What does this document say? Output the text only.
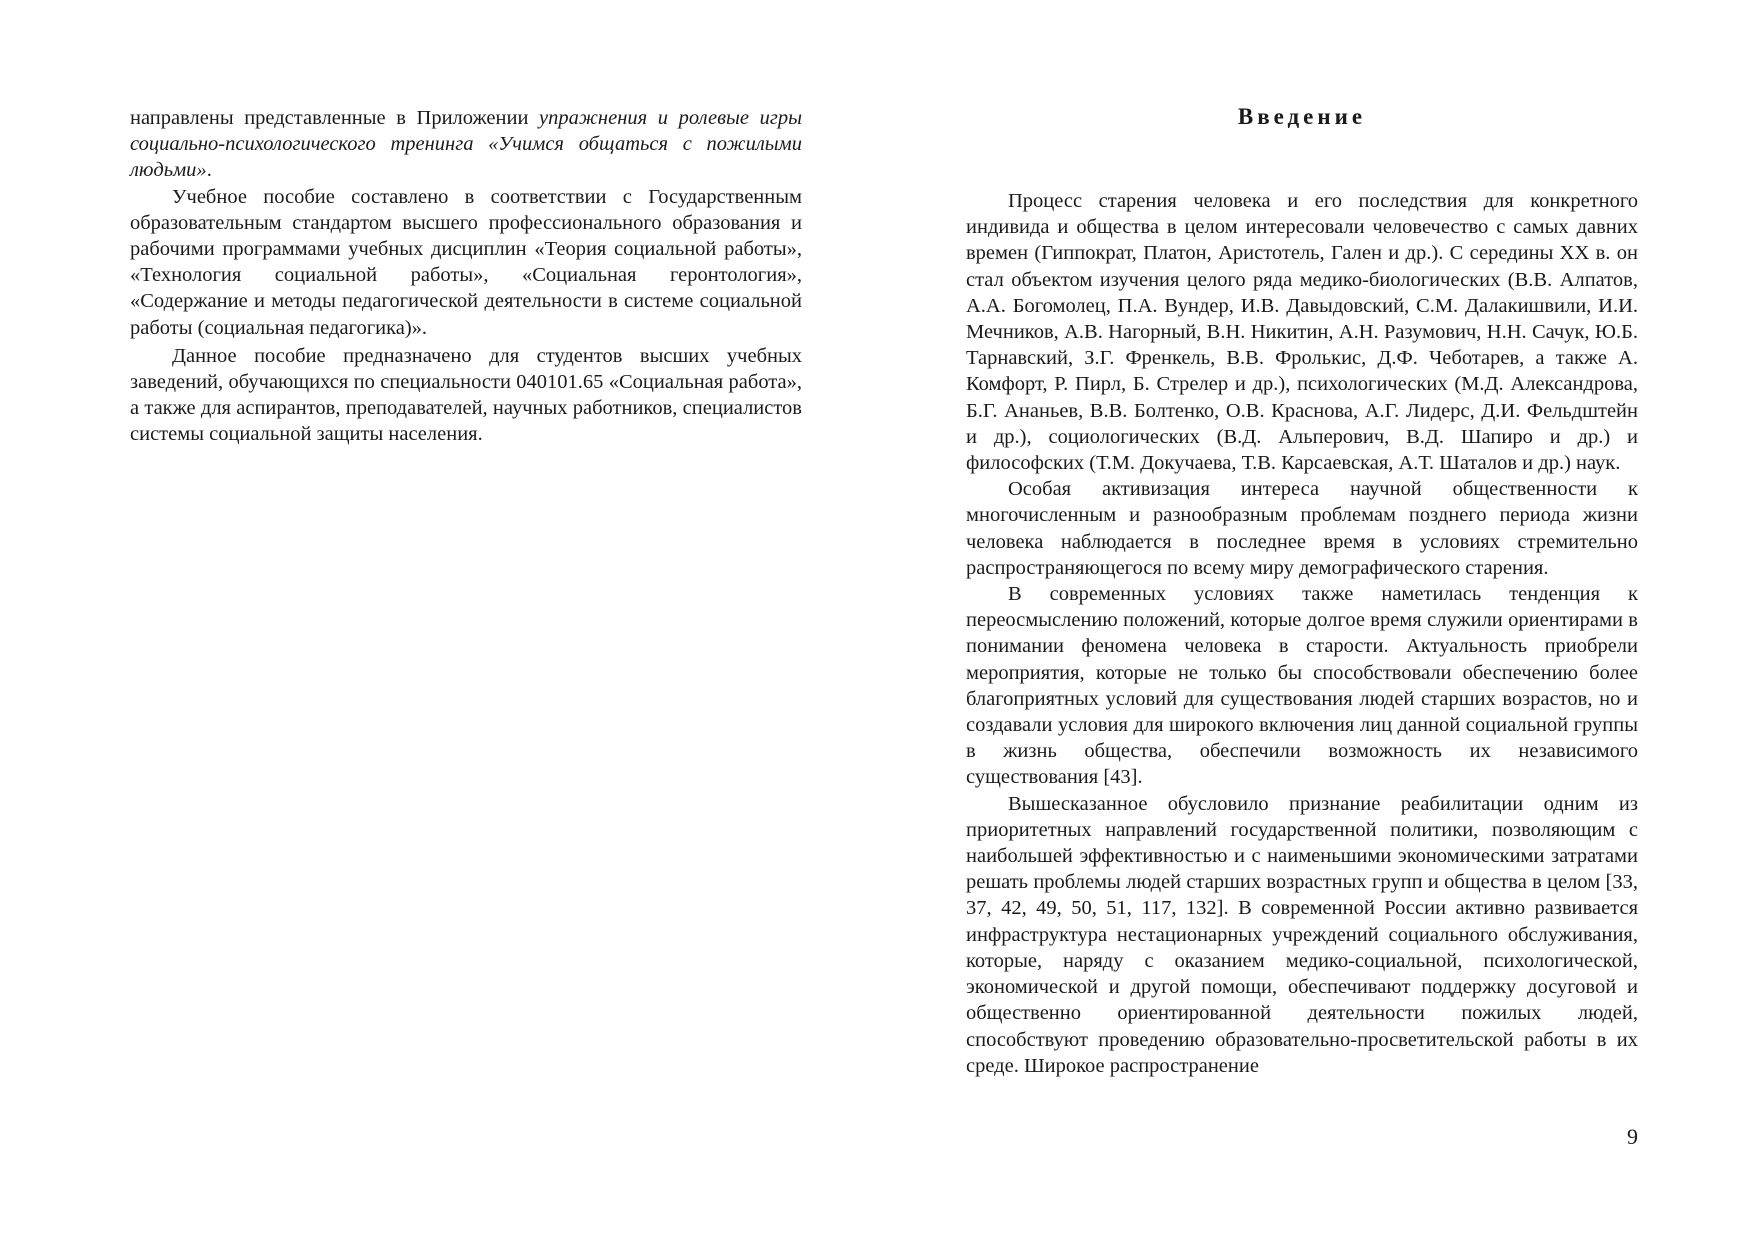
направлены представленные в Приложении упражнения и ролевые игры социально-психологического тренинга «Учимся общаться с пожилыми людьми».

Учебное пособие составлено в соответствии с Государственным образовательным стандартом высшего профессионального образования и рабочими программами учебных дисциплин «Теория социальной работы», «Технология социальной работы», «Социальная геронтология», «Содержание и методы педагогической деятельности в системе социальной работы (социальная педагогика)».

Данное пособие предназначено для студентов высших учебных заведений, обучающихся по специальности 040101.65 «Социальная работа», а также для аспирантов, преподавателей, научных работников, специалистов системы социальной защиты населения.

Введение

Процесс старения человека и его последствия для конкретного индивида и общества в целом интересовали человечество с самых давних времен (Гиппократ, Платон, Аристотель, Гален и др.). С середины XX в. он стал объектом изучения целого ряда медико-биологических (В.В. Алпатов, А.А. Богомолец, П.А. Вундер, И.В. Давыдовский, С.М. Далакишвили, И.И. Мечников, А.В. Нагорный, В.Н. Никитин, А.Н. Разумович, Н.Н. Сачук, Ю.Б. Тарнавский, З.Г. Френкель, В.В. Фролькис, Д.Ф. Чеботарев, а также А. Комфорт, Р. Пирл, Б. Стрелер и др.), психологических (М.Д. Александрова, Б.Г. Ананьев, В.В. Болтенко, О.В. Краснова, А.Г. Лидерс, Д.И. Фельдштейн и др.), социологических (В.Д. Альперович, В.Д. Шапиро и др.) и философских (Т.М. Докучаева, Т.В. Карсаевская, А.Т. Шаталов и др.) наук.

Особая активизация интереса научной общественности к многочисленным и разнообразным проблемам позднего периода жизни человека наблюдается в последнее время в условиях стремительно распространяющегося по всему миру демографического старения.

В современных условиях также наметилась тенденция к переосмыслению положений, которые долгое время служили ориентирами в понимании феномена человека в старости. Актуальность приобрели мероприятия, которые не только бы способствовали обеспечению более благоприятных условий для существования людей старших возрастов, но и создавали условия для широкого включения лиц данной социальной группы в жизнь общества, обеспечили возможность их независимого существования [43].

Вышесказанное обусловило признание реабилитации одним из приоритетных направлений государственной политики, позволяющим с наибольшей эффективностью и с наименьшими экономическими затратами решать проблемы людей старших возрастных групп и общества в целом [33, 37, 42, 49, 50, 51, 117, 132]. В современной России активно развивается инфраструктура нестационарных учреждений социального обслуживания, которые, наряду с оказанием медико-социальной, психологической, экономической и другой помощи, обеспечивают поддержку досуговой и общественно ориентированной деятельности пожилых людей, способствуют проведению образовательно-просветительской работы в их среде. Широкое распространение

9
